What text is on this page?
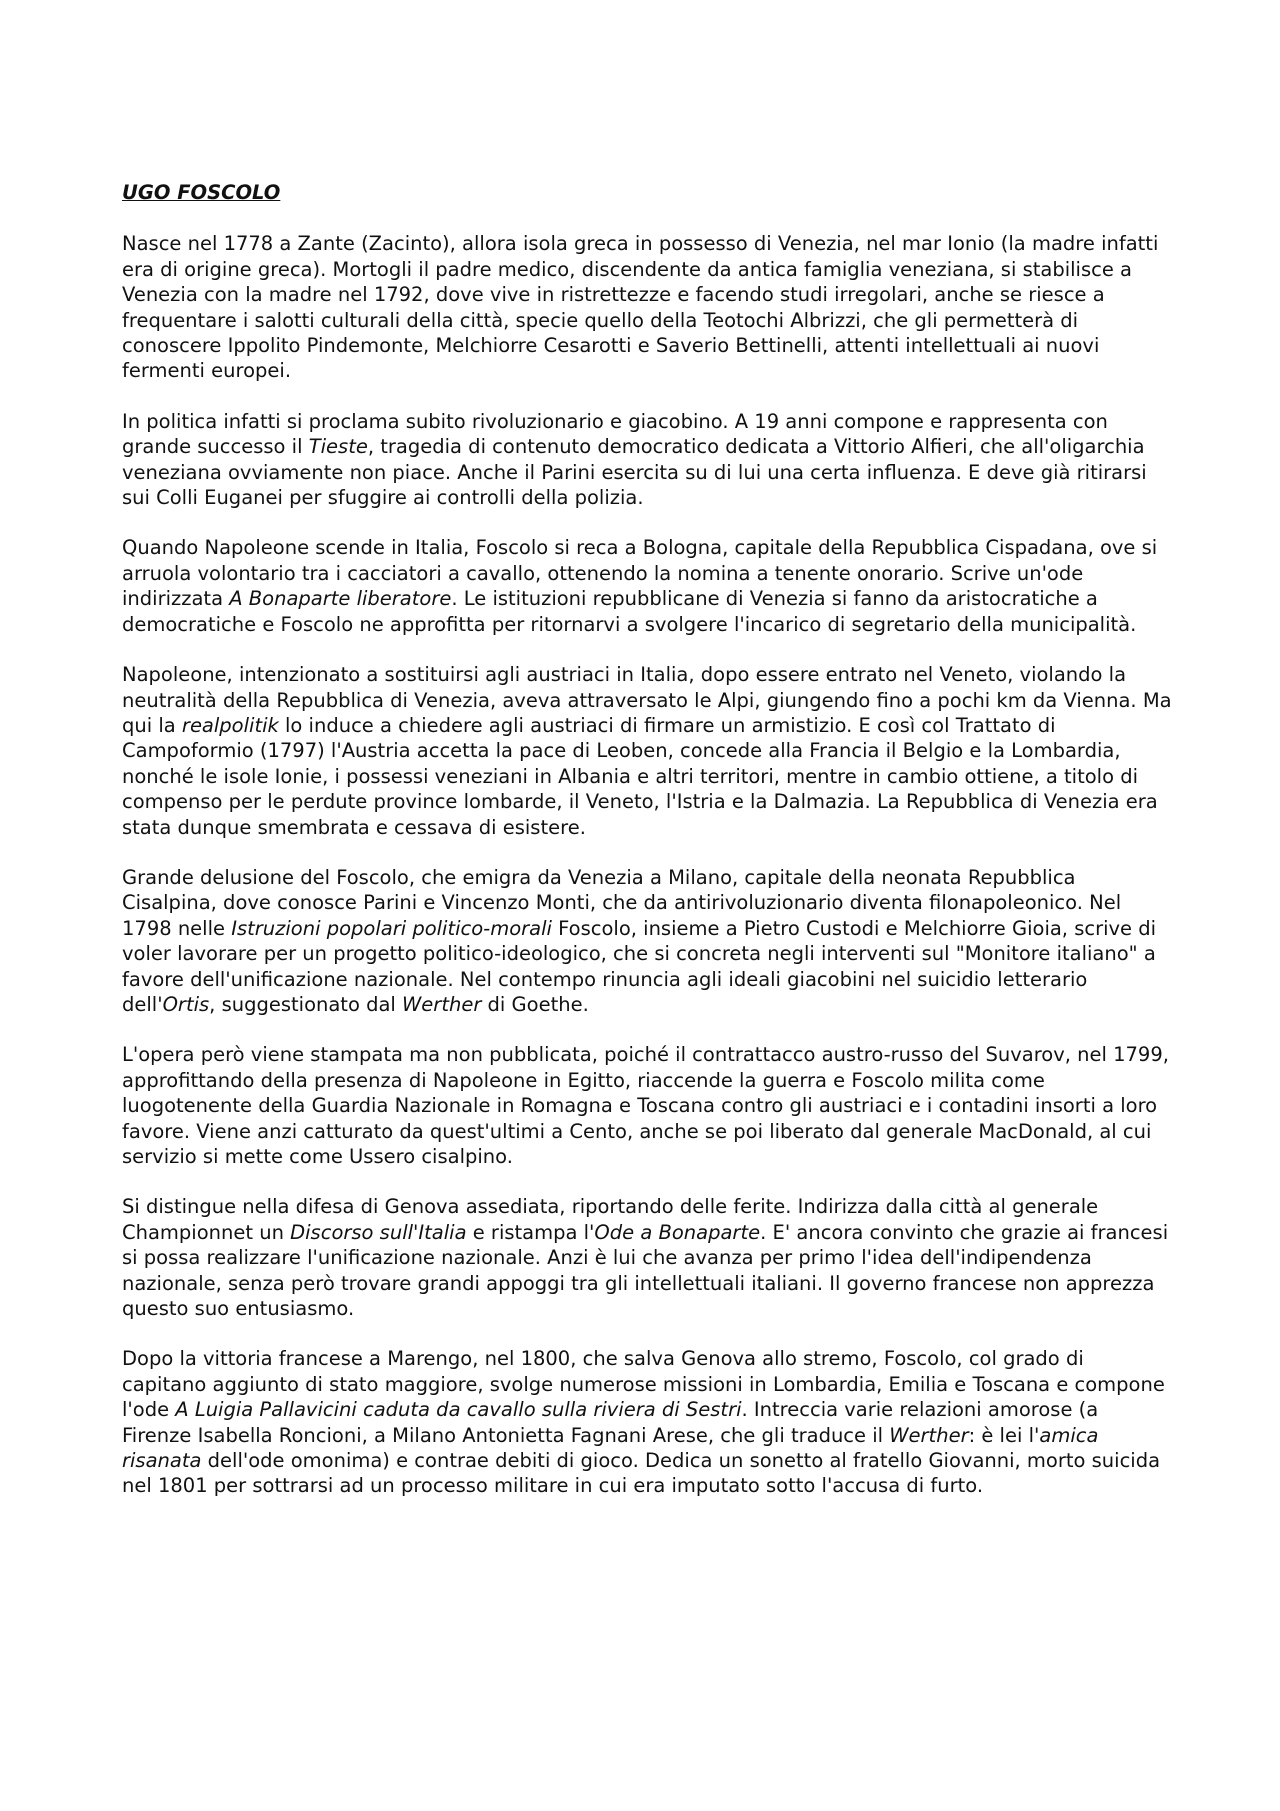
UGO FOSCOLO

Nasce nel 1778 a Zante (Zacinto), allora isola greca in possesso di Venezia, nel mar Ionio (la madre infatti era di origine greca). Mortogli il padre medico, discendente da antica famiglia veneziana, si stabilisce a Venezia con la madre nel 1792, dove vive in ristrettezze e facendo studi irregolari, anche se riesce a frequentare i salotti culturali della città, specie quello della Teotochi Albrizzi, che gli permetterà di conoscere Ippolito Pindemonte, Melchiorre Cesarotti e Saverio Bettinelli, attenti intellettuali ai nuovi fermenti europei.

In politica infatti si proclama subito rivoluzionario e giacobino. A 19 anni compone e rappresenta con grande successo il Tieste, tragedia di contenuto democratico dedicata a Vittorio Alfieri, che all'oligarchia veneziana ovviamente non piace. Anche il Parini esercita su di lui una certa influenza. E deve già ritirarsi sui Colli Euganei per sfuggire ai controlli della polizia.

Quando Napoleone scende in Italia, Foscolo si reca a Bologna, capitale della Repubblica Cispadana, ove si arruola volontario tra i cacciatori a cavallo, ottenendo la nomina a tenente onorario. Scrive un'ode indirizzata A Bonaparte liberatore. Le istituzioni repubblicane di Venezia si fanno da aristocratiche a democratiche e Foscolo ne approfitta per ritornarvi a svolgere l'incarico di segretario della municipalità.

Napoleone, intenzionato a sostituirsi agli austriaci in Italia, dopo essere entrato nel Veneto, violando la neutralità della Repubblica di Venezia, aveva attraversato le Alpi, giungendo fino a pochi km da Vienna. Ma qui la realpolitik lo induce a chiedere agli austriaci di firmare un armistizio. E così col Trattato di Campoformio (1797) l'Austria accetta la pace di Leoben, concede alla Francia il Belgio e la Lombardia, nonché le isole Ionie, i possessi veneziani in Albania e altri territori, mentre in cambio ottiene, a titolo di compenso per le perdute province lombarde, il Veneto, l'Istria e la Dalmazia. La Repubblica di Venezia era stata dunque smembrata e cessava di esistere.

Grande delusione del Foscolo, che emigra da Venezia a Milano, capitale della neonata Repubblica Cisalpina, dove conosce Parini e Vincenzo Monti, che da antirivoluzionario diventa filonapoleonico. Nel 1798 nelle Istruzioni popolari politico-morali Foscolo, insieme a Pietro Custodi e Melchiorre Gioia, scrive di voler lavorare per un progetto politico-ideologico, che si concreta negli interventi sul "Monitore italiano" a favore dell'unificazione nazionale. Nel contempo rinuncia agli ideali giacobini nel suicidio letterario dell'Ortis, suggestionato dal Werther di Goethe.

L'opera però viene stampata ma non pubblicata, poiché il contrattacco austro-russo del Suvarov, nel 1799, approfittando della presenza di Napoleone in Egitto, riaccende la guerra e Foscolo milita come luogotenente della Guardia Nazionale in Romagna e Toscana contro gli austriaci e i contadini insorti a loro favore. Viene anzi catturato da quest'ultimi a Cento, anche se poi liberato dal generale MacDonald, al cui servizio si mette come Ussero cisalpino.

Si distingue nella difesa di Genova assediata, riportando delle ferite. Indirizza dalla città al generale Championnet un Discorso sull'Italia e ristampa l'Ode a Bonaparte. E' ancora convinto che grazie ai francesi si possa realizzare l'unificazione nazionale. Anzi è lui che avanza per primo l'idea dell'indipendenza nazionale, senza però trovare grandi appoggi tra gli intellettuali italiani. Il governo francese non apprezza questo suo entusiasmo.

Dopo la vittoria francese a Marengo, nel 1800, che salva Genova allo stremo, Foscolo, col grado di capitano aggiunto di stato maggiore, svolge numerose missioni in Lombardia, Emilia e Toscana e compone l'ode A Luigia Pallavicini caduta da cavallo sulla riviera di Sestri. Intreccia varie relazioni amorose (a Firenze Isabella Roncioni, a Milano Antonietta Fagnani Arese, che gli traduce il Werther: è lei l'amica risanata dell'ode omonima) e contrae debiti di gioco. Dedica un sonetto al fratello Giovanni, morto suicida nel 1801 per sottrarsi ad un processo militare in cui era imputato sotto l'accusa di furto.
